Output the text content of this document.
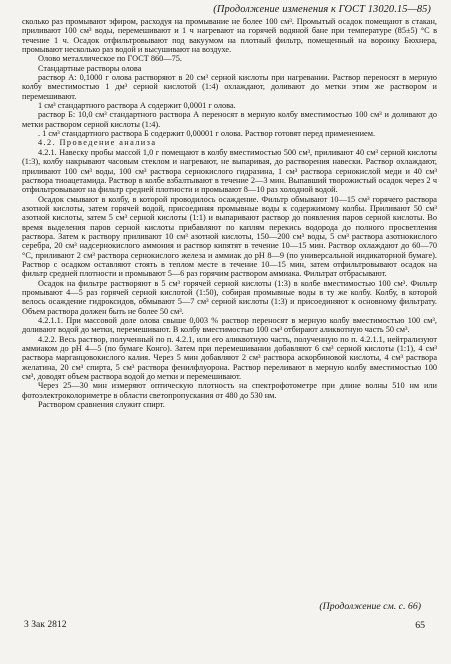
(Продолжение изменения к ГОСТ 13020.15—85)

сколько раз промывают эфиром, расходуя на промывание не более 100 см³. Промытый осадок помещают в стакан, приливают 100 см³ воды, перемешивают и 1 ч нагревают на горячей водяной бане при температуре (85±5) °С в течение 1 ч. Осадок отфильтровывают под вакуумом на плотный фильтр, помещенный на воронку Бюхнера, промывают несколько раз водой и высушивают на воздухе.

Олово металлическое по ГОСТ 860—75.

Стандартные растворы олова

раствор А: 0,1000 г олова растворяют в 20 см³ серной кислоты при нагревании. Раствор переносят в мерную колбу вместимостью 1 дм³ серной кислотой (1:4) охлаждают, доливают до метки этим же раствором и перемешивают.

1 см³ стандартного раствора А содержит 0,0001 г олова.

раствор Б: 10,0 см³ стандартного раствора А переносят в мерную колбу вместимостью 100 см³ и доливают до метки раствором серной кислоты (1:4).

. 1 см³ стандартного раствора Б содержит 0,00001 г олова. Раствор готовят перед применением.

4.2. Проведение анализа

4.2.1. Навеску пробы массой 1,0 г помещают в колбу вместимостью 500 см³, приливают 40 см³ серной кислоты (1:3), колбу накрывают часовым стеклом и нагревают, не выпаривая, до растворения навески. Раствор охлаждают, приливают 100 см³ воды, 100 см³ раствора сернокислого гидразина, 1 см³ раствора сернокислой меди и 40 см³ раствора тиоацетамида. Раствор в колбе взбалтывают в течение 2—3 мин. Выпавший творожистый осадок через 2 ч отфильтровывают на фильтр средней плотности и промывают 8—10 раз холодной водой.

Осадок смывают в колбу, в которой проводилось осаждение. Фильтр обмывают 10—15 см³ горячего раствора азотной кислоты, затем горячей водой, присоединяя промывные воды к содержимому колбы. Приливают 50 см³ азотной кислоты, затем 5 см³ серной кислоты (1:1) и выпаривают раствор до появления паров серной кислоты. Во время выделения паров серной кислоты прибавляют по каплям перекись водорода до полного просветления раствора. Затем к раствору приливают 10 см³ азотной кислоты, 150—200 см³ воды, 5 см³ раствора азотнокислого серебра, 20 см³ надсернокислого аммония и раствор кипятят в течение 10—15 мин. Раствор охлаждают до 60—70 °С, приливают 2 см³ раствора сернокислого железа и аммиак до pH 8—9 (по универсальной индикаторной бумаге). Раствор с осадком оставляют стоять в теплом месте в течение 10—15 мин, затем отфильтровывают осадок на фильтр средней плотности и промывают 5—6 раз горячим раствором аммиака. Фильтрат отбрасывают.

Осадок на фильтре растворяют в 5 см³ горячей серной кислоты (1:3) в колбе вместимостью 100 см³. Фильтр промывают 4—5 раз горячей серной кислотой (1:50), собирая промывные воды в ту же колбу. Колбу, в которой велось осаждение гидроксидов, обмывают 5—7 см³ серной кислоты (1:3) и присоединяют к основному фильтрату. Объем раствора должен быть не более 50 см³.

4.2.1.1. При массовой доле олова свыше 0,003 % раствор переносят в мерную колбу вместимостью 100 см³, доливают водой до метки, перемешивают. В колбу вместимостью 100 см³ отбирают аликвотную часть 50 см³.

4.2.2. Весь раствор, полученный по п. 4.2.1, или его аликвотную часть, полученную по п. 4.2.1.1, нейтрализуют аммиаком до pH 4—5 (по бумаге Конго). Затем при перемешивании добавляют 6 см³ серной кислоты (1:1), 4 см³ раствора марганцовокислого калия. Через 5 мин добавляют 2 см³ раствора аскорбиновой кислоты, 4 см³ раствора желатина, 20 см³ спирта, 5 см³ раствора фенилфлуорона. Раствор переливают в мерную колбу вместимостью 100 см³, доводят объем раствора водой до метки и перемешивают.

Через 25—30 мин измеряют оптическую плотность на спектрофотометре при длине волны 510 нм или фотоэлектроколориметре в области светопропускания от 480 до 530 нм.

Раствором сравнения служит спирт.

(Продолжение см. с. 66)
3 Зак 2812	65
